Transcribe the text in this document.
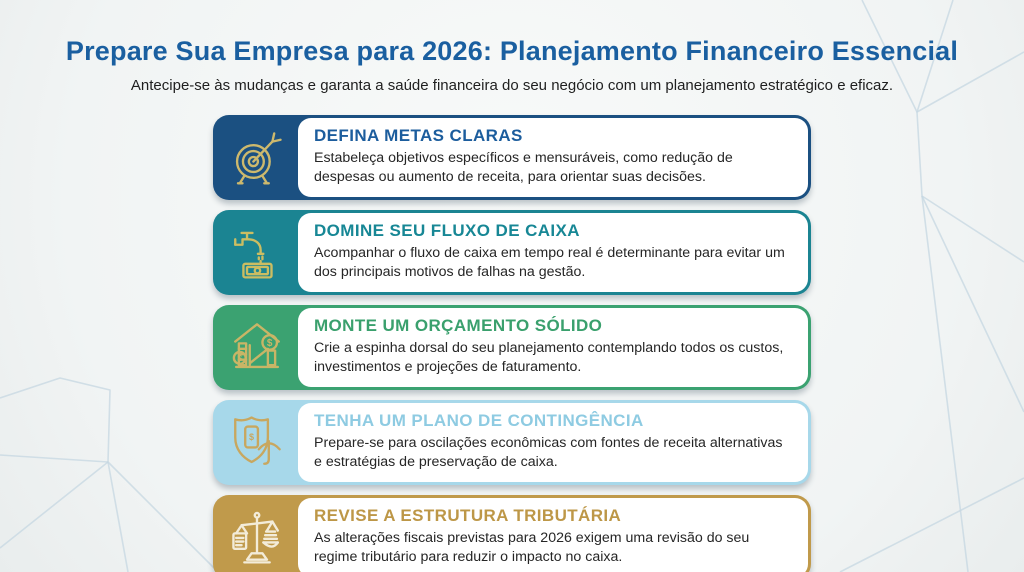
Prepare Sua Empresa para 2026: Planejamento Financeiro Essencial

Antecipe-se às mudanças e garanta a saúde financeira do seu negócio com um planejamento estratégico e eficaz.

DEFINA METAS CLARAS

Estabeleça objetivos específicos e mensuráveis, como redução de despesas ou aumento de receita, para orientar suas decisões.

DOMINE SEU FLUXO DE CAIXA

Acompanhar o fluxo de caixa em tempo real é determinante para evitar um dos principais motivos de falhas na gestão.

$
$
MONTE UM ORÇAMENTO SÓLIDO

Crie a espinha dorsal do seu planejamento contemplando todos os custos, investimentos e projeções de faturamento.

$
TENHA UM PLANO DE CONTINGÊNCIA

Prepare-se para oscilações econômicas com fontes de receita alternativas e estratégias de preservação de caixa.

REVISE A ESTRUTURA TRIBUTÁRIA

As alterações fiscais previstas para 2026 exigem uma revisão do seu regime tributário para reduzir o impacto no caixa.
